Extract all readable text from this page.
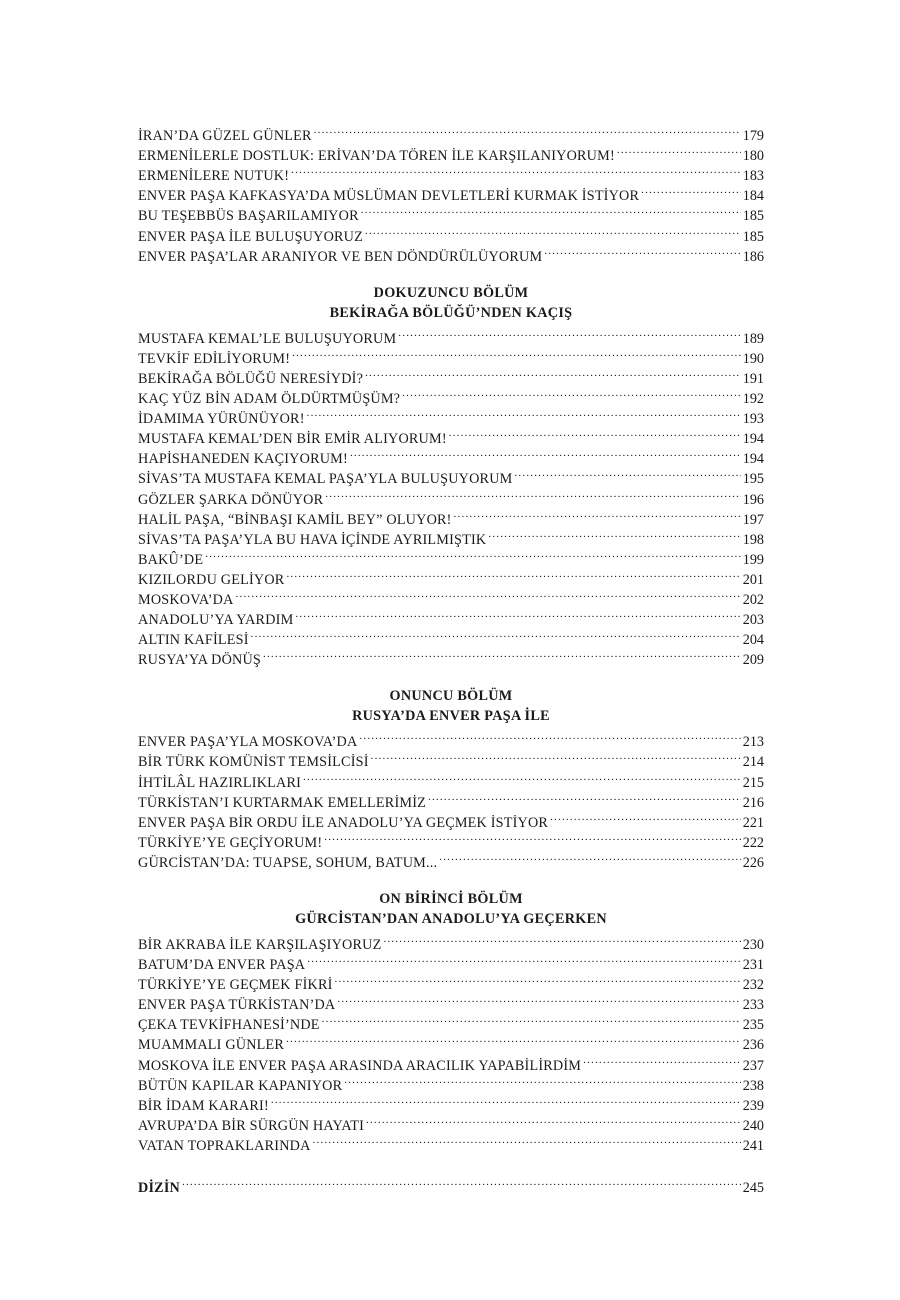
İRAN’DA GÜZEL GÜNLER .....	179
ERMENİLERLE DOSTLUK: ERİVAN’DA TÖREN İLE KARŞILANIYORUM! .....	180
ERMENİLERE NUTUK! .....	183
ENVER PAŞA KAFKASYA’DA MÜSLÜMAN DEVLETLERİ KURMAK İSTİYOR .....	184
BU TEŞEBBÜS BAŞARILAMIYOR .....	185
ENVER PAŞA İLE BULUŞUYORUZ .....	185
ENVER PAŞA’LAR ARANIYOR VE BEN DÖNDÜRÜLÜYORUM .....	186
DOKUZUNCU BÖLÜM
BEKİRAĞA BÖLÜĞÜ’NDEN KAÇIŞ
MUSTAFA KEMAL’LE BULUŞUYORUM .....	189
TEVKİF EDİLİYORUM! .....	190
BEKİRAĞA BÖLÜĞÜ NERESİYDİ? .....	191
KAÇ YÜZ BİN ADAM ÖLDÜRTMÜŞÜM? .....	192
İDAMIMA YÜRÜNÜYOR! .....	193
MUSTAFA KEMAL’DEN BİR EMİR ALIYORUM! .....	194
HAPİSHANEDEN KAÇIYORUM! .....	194
SİVAS’TA MUSTAFA KEMAL PAŞA’YLA BULUŞUYORUM .....	195
GÖZLER ŞARKA DÖNÜYOR .....	196
HALİL PAŞA, “BİNBAŞI KAMİL BEY” OLUYOR! .....	197
SİVAS’TA PAŞA’YLA BU HAVA İÇİNDE AYRILMIŞTIK .....	198
BAKÛ’DE .....	199
KIZILORDU GELİYOR .....	201
MOSKOVA’DA .....	202
ANADOLU’YA YARDIM .....	203
ALTIN KAFİLESİ .....	204
RUSYA’YA DÖNÜŞ .....	209
ONUNCU BÖLÜM
RUSYA’DA ENVER PAŞA İLE
ENVER PAŞA’YLA MOSKOVA’DA .....	213
BİR TÜRK KOMÜNİST TEMSİLCİSİ .....	214
İHTİLÂL HAZIRLIKLARI .....	215
TÜRKİSTAN’I KURTARMAK EMELLERİMİZ .....	216
ENVER PAŞA BİR ORDU İLE ANADOLU’YA GEÇMEK İSTİYOR .....	221
TÜRKİYE’YE GEÇİYORUM! .....	222
GÜRCİSTAN’DA: TUAPSE, SOHUM, BATUM... .....	226
ON BİRİNCİ BÖLÜM
GÜRCİSTAN’DAN ANADOLU’YA GEÇERKEN
BİR AKRABA İLE KARŞILAŞIYORUZ .....	230
BATUM’DA ENVER PAŞA .....	231
TÜRKİYE’YE GEÇMEK FİKRİ .....	232
ENVER PAŞA TÜRKİSTAN’DA .....	233
ÇEKA TEVKİFHANESİ’NDE .....	235
MUAMMALI GÜNLER .....	236
MOSKOVA İLE ENVER PAŞA ARASINDA ARACILIK YAPABİLİRDİM .....	237
BÜTÜN KAPILAR KAPANIYOR .....	238
BİR İDAM KARARI! .....	239
AVRUPA’DA BİR SÜRGÜN HAYATI .....	240
VATAN TOPRAKLARINDA .....	241
DİZİN .....	245
